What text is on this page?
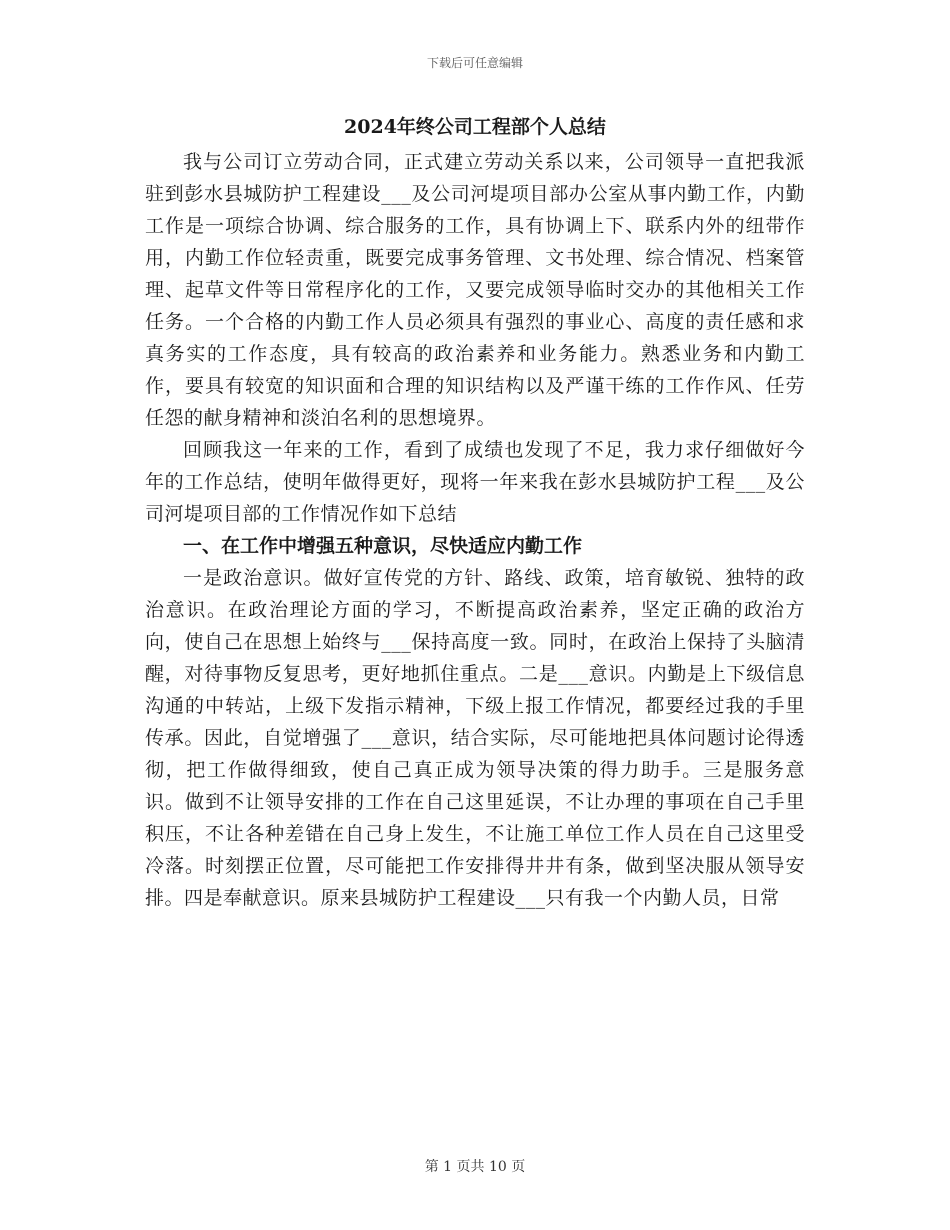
下载后可任意编辑
2024年终公司工程部个人总结

我与公司订立劳动合同，正式建立劳动关系以来，公司领导一直把我派驻到彭水县城防护工程建设___及公司河堤项目部办公室从事内勤工作，内勤工作是一项综合协调、综合服务的工作，具有协调上下、联系内外的纽带作用，内勤工作位轻责重，既要完成事务管理、文书处理、综合情况、档案管理、起草文件等日常程序化的工作，又要完成领导临时交办的其他相关工作任务。一个合格的内勤工作人员必须具有强烈的事业心、高度的责任感和求真务实的工作态度，具有较高的政治素养和业务能力。熟悉业务和内勤工作，要具有较宽的知识面和合理的知识结构以及严谨干练的工作作风、任劳任怨的献身精神和淡泊名利的思想境界。

回顾我这一年来的工作，看到了成绩也发现了不足，我力求仔细做好今年的工作总结，使明年做得更好，现将一年来我在彭水县城防护工程___及公司河堤项目部的工作情况作如下总结

一、在工作中增强五种意识，尽快适应内勤工作

一是政治意识。做好宣传党的方针、路线、政策，培育敏锐、独特的政治意识。在政治理论方面的学习，不断提高政治素养，坚定正确的政治方向，使自己在思想上始终与___保持高度一致。同时，在政治上保持了头脑清醒，对待事物反复思考，更好地抓住重点。二是___意识。内勤是上下级信息沟通的中转站，上级下发指示精神，下级上报工作情况，都要经过我的手里传承。因此，自觉增强了___意识，结合实际，尽可能地把具体问题讨论得透彻，把工作做得细致，使自己真正成为领导决策的得力助手。三是服务意识。做到不让领导安排的工作在自己这里延误，不让办理的事项在自己手里积压，不让各种差错在自己身上发生，不让施工单位工作人员在自己这里受冷落。时刻摆正位置，尽可能把工作安排得井井有条，做到坚决服从领导安排。四是奉献意识。原来县城防护工程建设___只有我一个内勤人员，日常

第 1 页共 10 页
